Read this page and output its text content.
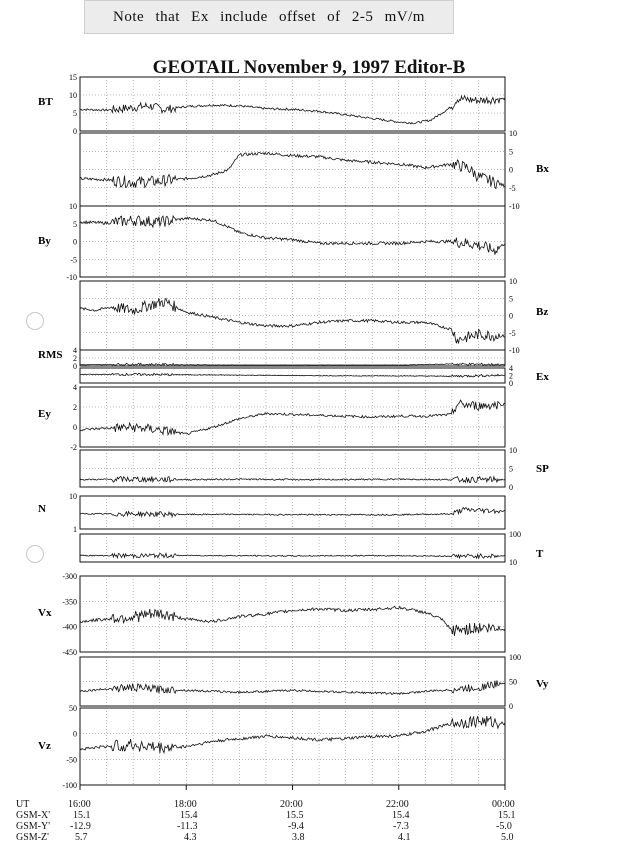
Note that Ex include offset of 2-5 mV/m
GEOTAIL November 9, 1997 Editor-B
15
10
5
0
BT
10
5
0
-5
-10
Bx
10
5
0
-5
-10
By
10
5
0
-5
-10
Bz
4
2
0
RMS
4
2
0
Ex
4
2
0
-2
Ey
10
5
0
SP
10
1
N
100
10
T
-300
-350
-400
-450
Vx
100
50
0
Vy
50
0
-50
-100
Vz
UT
GSM-X'
GSM-Y'
GSM-Z'
16:00
15.1
-12.9
5.7
18:00
15.4
-11.3
4.3
20:00
15.5
-9.4
3.8
22:00
15.4
-7.3
4.1
00:00
15.1
-5.0
5.0
